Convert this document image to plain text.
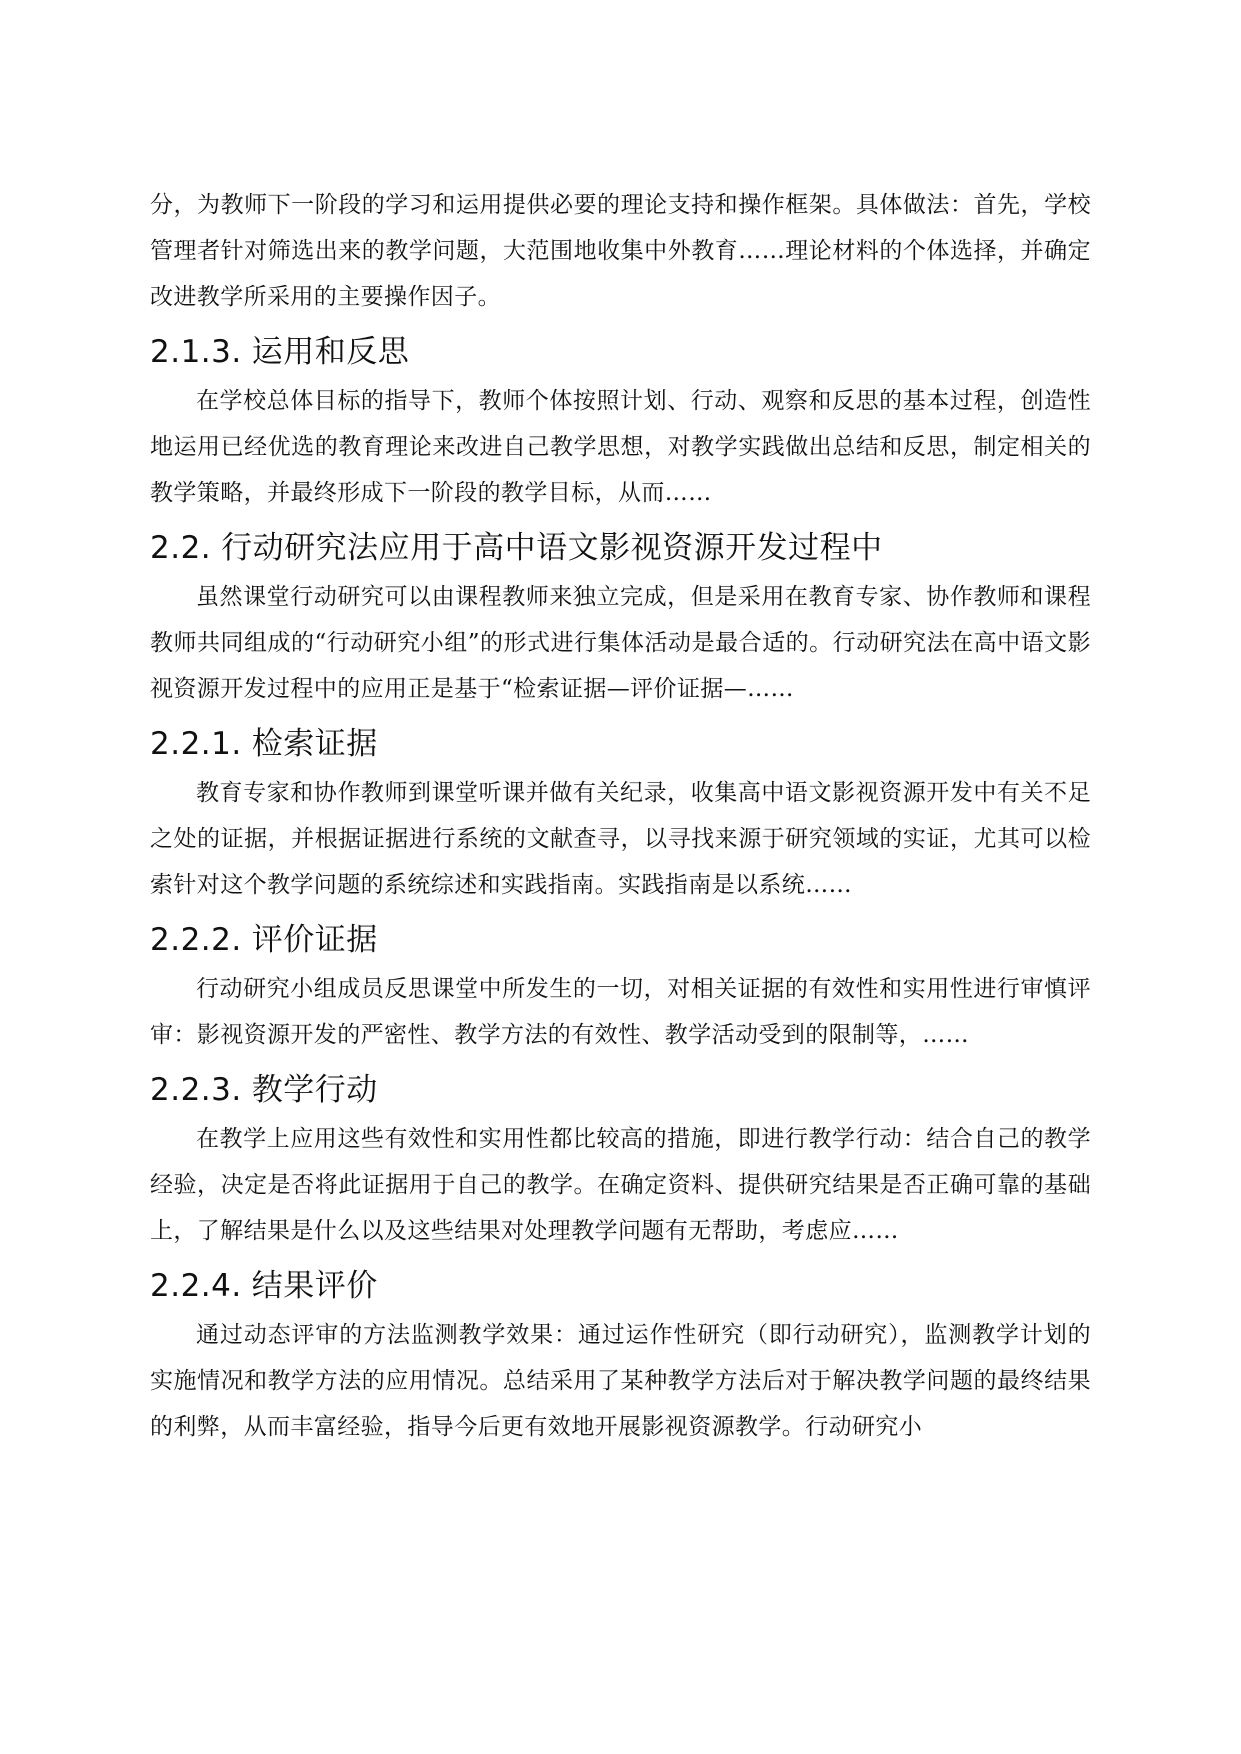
分，为教师下一阶段的学习和运用提供必要的理论支持和操作框架。具体做法：首先，学校管理者针对筛选出来的教学问题，大范围地收集中外教育……理论材料的个体选择，并确定改进教学所采用的主要操作因子。

2.1.3. 运用和反思

在学校总体目标的指导下，教师个体按照计划、行动、观察和反思的基本过程，创造性地运用已经优选的教育理论来改进自己教学思想，对教学实践做出总结和反思，制定相关的教学策略，并最终形成下一阶段的教学目标，从而……

2.2. 行动研究法应用于高中语文影视资源开发过程中

虽然课堂行动研究可以由课程教师来独立完成，但是采用在教育专家、协作教师和课程教师共同组成的“行动研究小组”的形式进行集体活动是最合适的。行动研究法在高中语文影视资源开发过程中的应用正是基于“检索证据—评价证据—……

2.2.1. 检索证据

教育专家和协作教师到课堂听课并做有关纪录，收集高中语文影视资源开发中有关不足之处的证据，并根据证据进行系统的文献查寻，以寻找来源于研究领域的实证，尤其可以检索针对这个教学问题的系统综述和实践指南。实践指南是以系统……

2.2.2. 评价证据

行动研究小组成员反思课堂中所发生的一切，对相关证据的有效性和实用性进行审慎评审：影视资源开发的严密性、教学方法的有效性、教学活动受到的限制等，……

2.2.3. 教学行动

在教学上应用这些有效性和实用性都比较高的措施，即进行教学行动：结合自己的教学经验，决定是否将此证据用于自己的教学。在确定资料、提供研究结果是否正确可靠的基础上，了解结果是什么以及这些结果对处理教学问题有无帮助，考虑应……

2.2.4. 结果评价

通过动态评审的方法监测教学效果：通过运作性研究（即行动研究），监测教学计划的实施情况和教学方法的应用情况。总结采用了某种教学方法后对于解决教学问题的最终结果的利弊，从而丰富经验，指导今后更有效地开展影视资源教学。行动研究小
